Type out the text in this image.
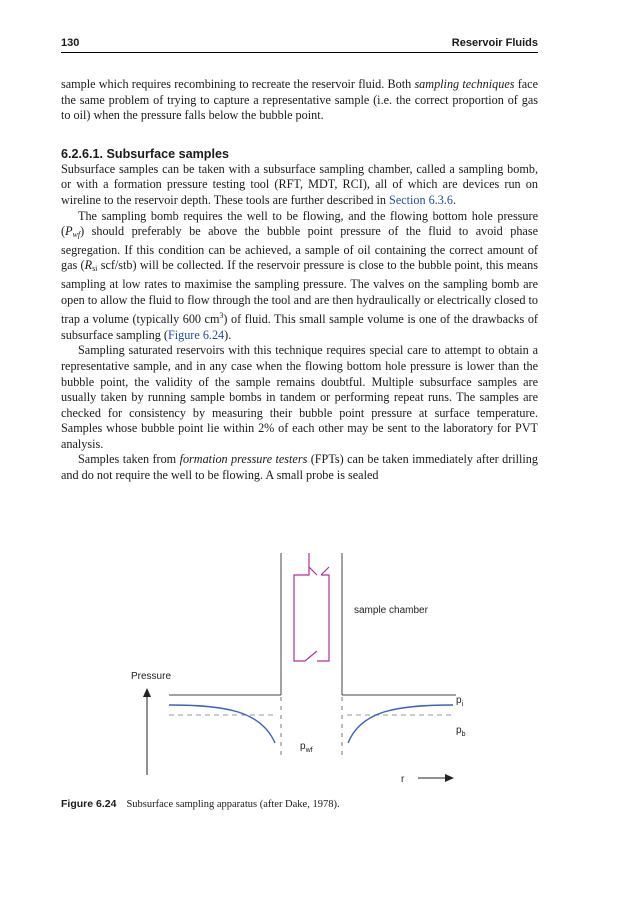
130	Reservoir Fluids

sample which requires recombining to recreate the reservoir fluid. Both sampling techniques face the same problem of trying to capture a representative sample (i.e. the correct proportion of gas to oil) when the pressure falls below the bubble point.

6.2.6.1. Subsurface samples

Subsurface samples can be taken with a subsurface sampling chamber, called a sampling bomb, or with a formation pressure testing tool (RFT, MDT, RCI), all of which are devices run on wireline to the reservoir depth. These tools are further described in Section 6.3.6.

The sampling bomb requires the well to be flowing, and the flowing bottom hole pressure $(P_{wf})$ should preferably be above the bubble point pressure of the fluid to avoid phase segregation. If this condition can be achieved, a sample of oil containing the correct amount of gas ($R_{si}$ scf/stb) will be collected. If the reservoir pressure is close to the bubble point, this means sampling at low rates to maximise the sampling pressure. The valves on the sampling bomb are open to allow the fluid to flow through the tool and are then hydraulically or electrically closed to trap a volume (typically 600 $cm^3$) of fluid. This small sample volume is one of the drawbacks of subsurface sampling (Figure 6.24).

Sampling saturated reservoirs with this technique requires special care to attempt to obtain a representative sample, and in any case when the flowing bottom hole pressure is lower than the bubble point, the validity of the sample remains doubtful. Multiple subsurface samples are usually taken by running sample bombs in tandem or performing repeat runs. The samples are checked for consistency by measuring their bubble point pressure at surface temperature. Samples whose bubble point lie within 2% of each other may be sent to the laboratory for PVT analysis.

Samples taken from formation pressure testers (FPTs) can be taken immediately after drilling and do not require the well to be flowing. A small probe is sealed

sample chamber
Pressure
$p_i$
$p_b$
$p_{wf}$
r
Figure 6.24 Subsurface sampling apparatus (after Dake, 1978).
